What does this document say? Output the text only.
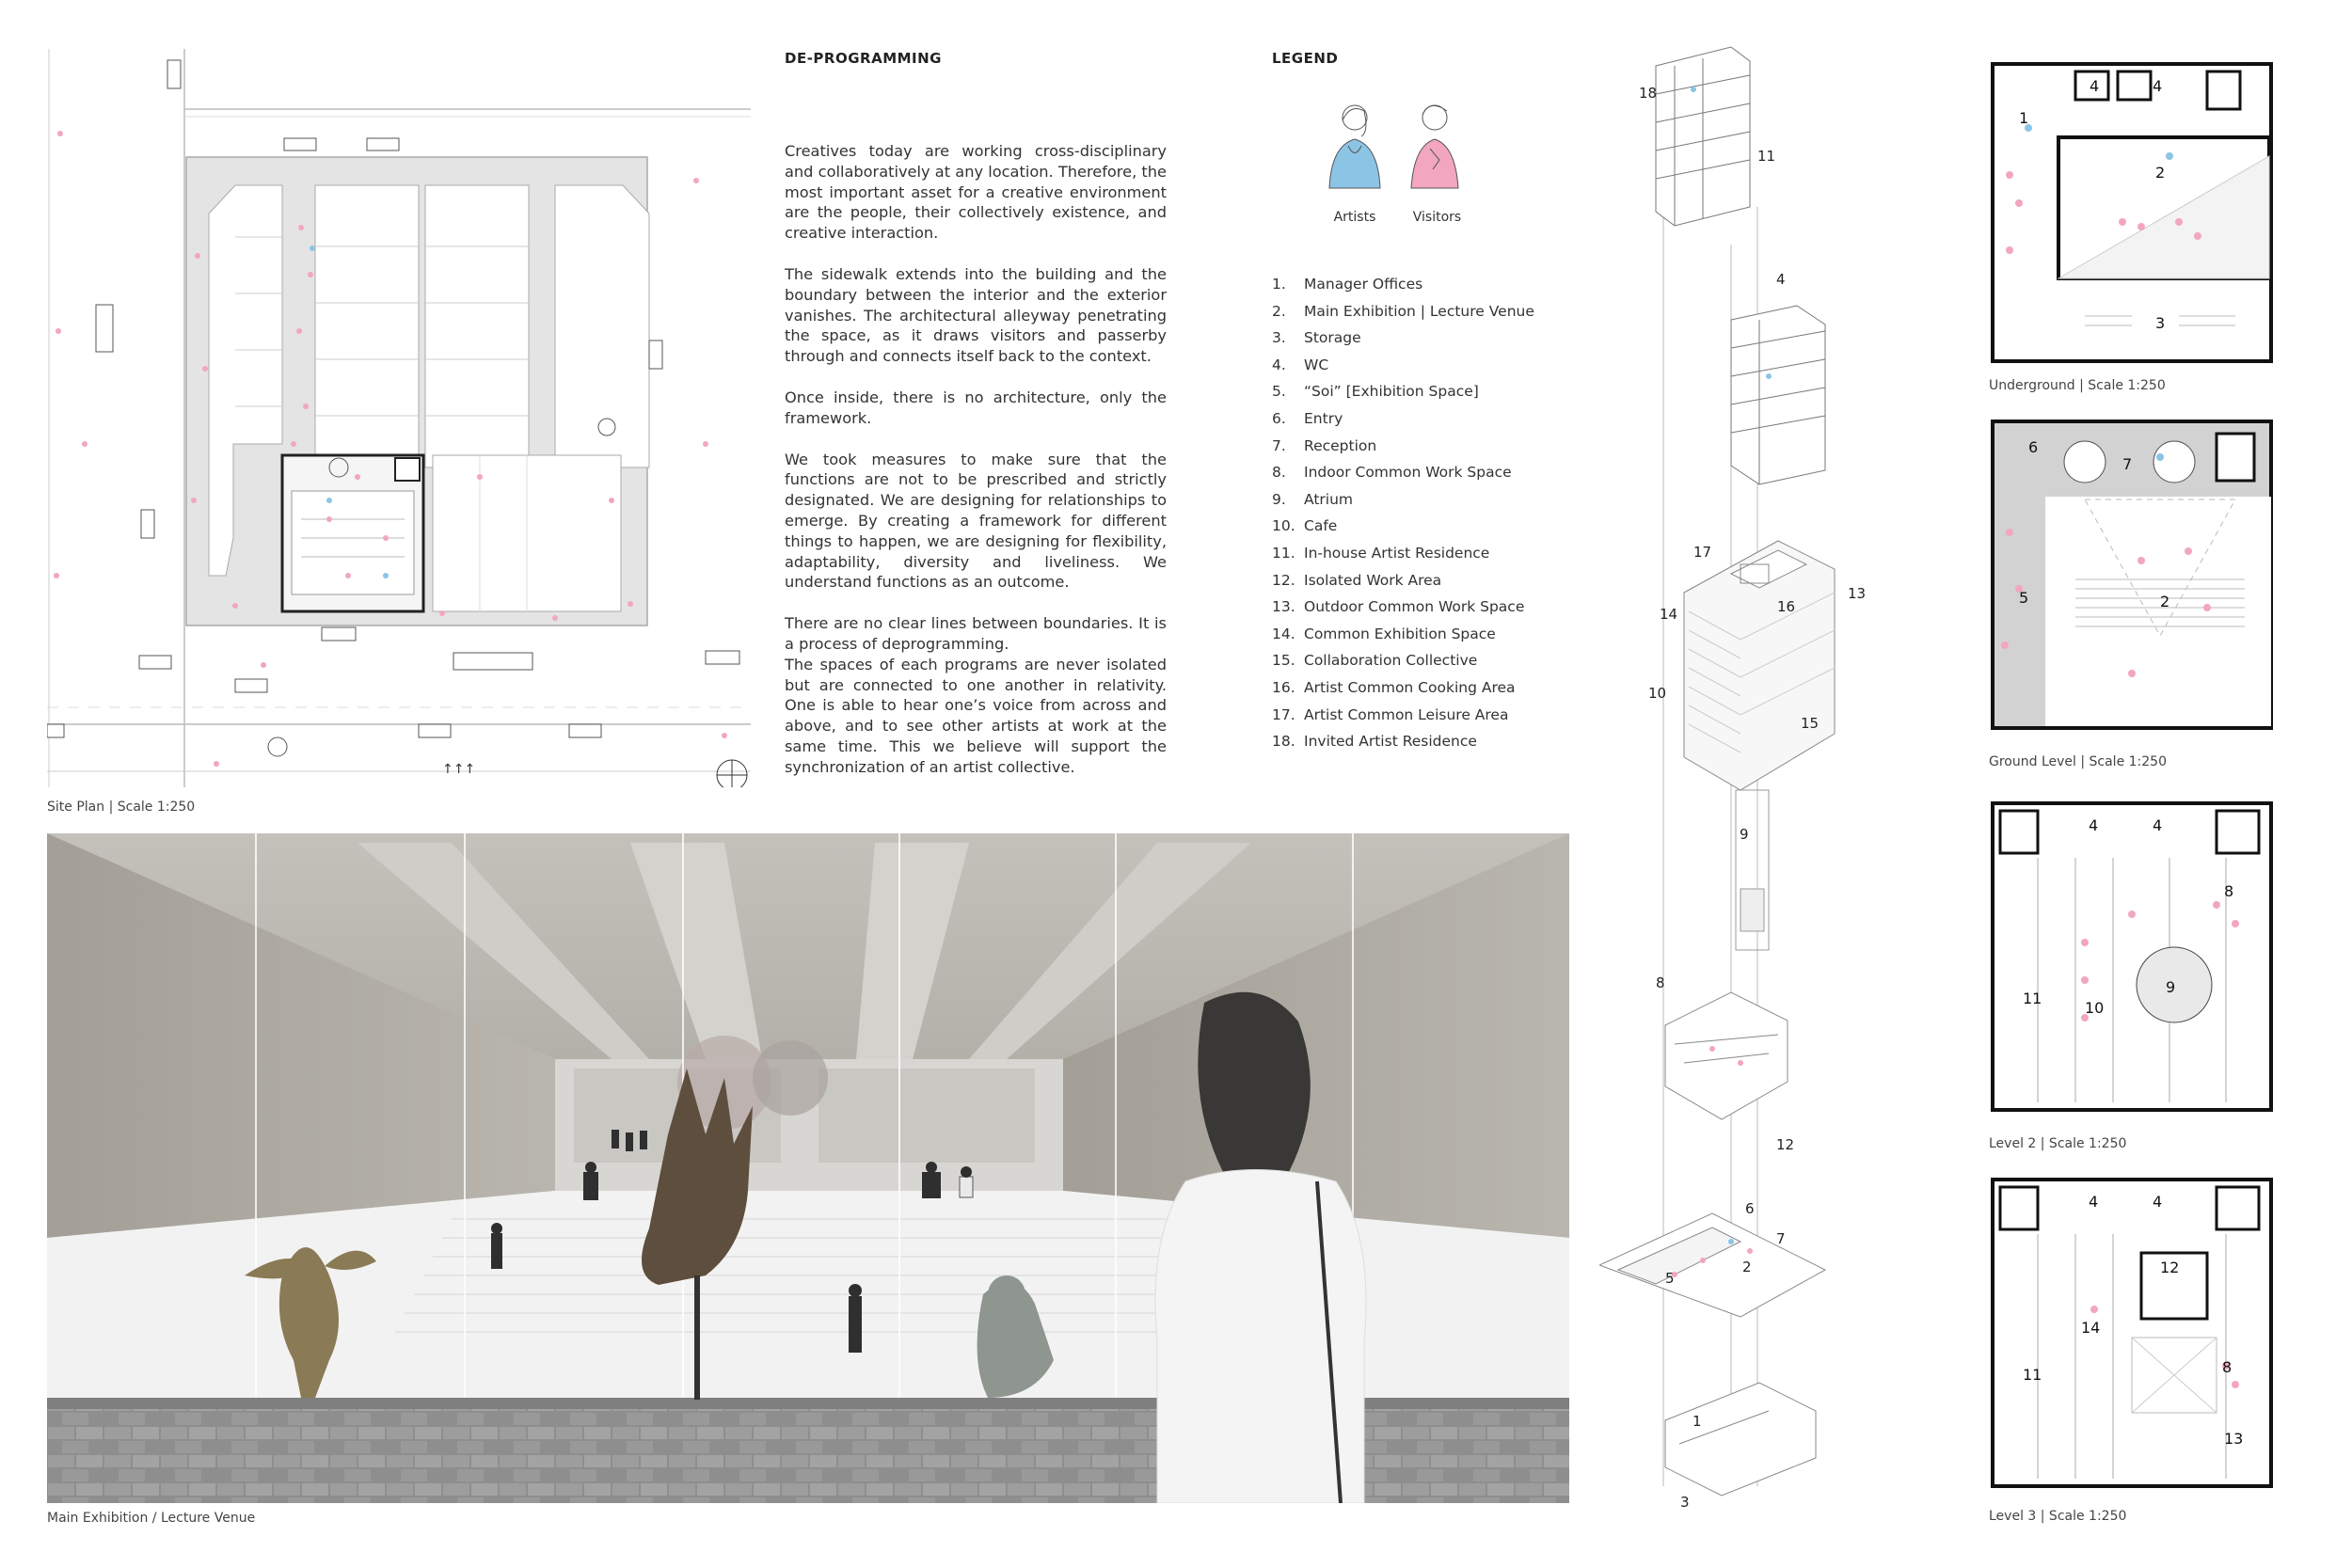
↑↑↑
Site Plan | Scale 1:250
DE-PROGRAMMING

Creatives today are working cross-disciplinary and collaboratively at any location. Therefore, the most important asset for a creative environment are the people, their collectively existence, and creative interaction.

The sidewalk extends into the building and the boundary between the interior and the exterior vanishes. The architectural alleyway penetrating the space, as it draws visitors and passerby through and connects itself back to the context.

Once inside, there is no architecture, only the framework.

We took measures to make sure that the functions are not to be prescribed and strictly designated. We are designing for relationships to emerge. By creating a framework for different things to happen, we are designing for flexibility, adaptability, diversity and liveliness. We understand functions as an outcome.

There are no clear lines between boundaries. It is a process of deprogramming.

The spaces of each programs are never isolated but are connected to one another in relativity. One is able to hear one’s voice from across and above, and to see other artists at work at the same time. This we believe will support the synchronization of an artist collective.

LEGEND
Artists	Visitors
1. Manager Offices
2. Main Exhibition | Lecture Venue
3. Storage
4. WC
5. “Soi” [Exhibition Space]
6. Entry
7. Reception
8. Indoor Common Work Space
9. Atrium
10. Cafe
11. In-house Artist Residence
12. Isolated Work Area
13. Outdoor Common Work Space
14. Common Exhibition Space
15. Collaboration Collective
16. Artist Common Cooking Area
17. Artist Common Leisure Area
18. Invited Artist Residence
Main Exhibition / Lecture Venue
18
11
4
17
16
13
14
10
15
9
8
12
6
7
5
2
1
3
1
4	4
2
3
Underground | Scale 1:250
6
7
5	2
Ground Level | Scale 1:250
4	4
8
11
10
9
Level 2 | Scale 1:250
4	4
12
14
11	8
13
Level 3 | Scale 1:250
